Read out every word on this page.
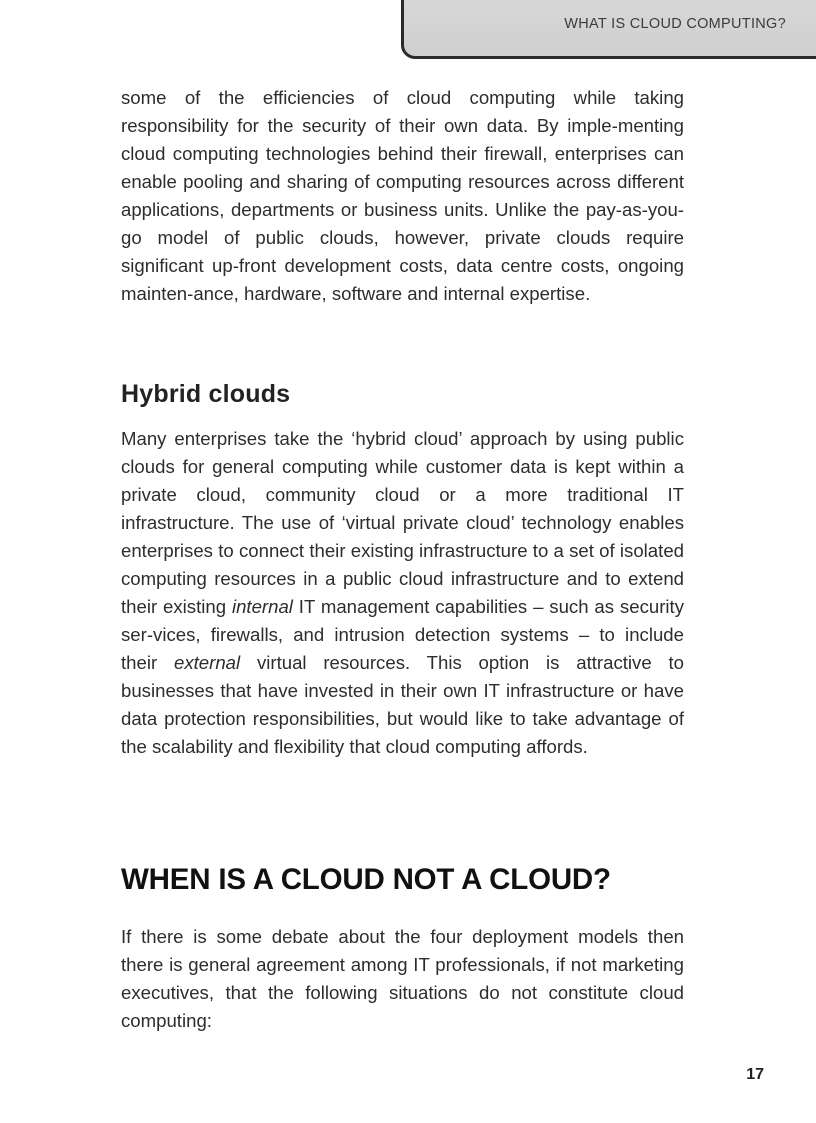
WHAT IS CLOUD COMPUTING?

some of the efficiencies of cloud computing while taking responsibility for the security of their own data. By imple-menting cloud computing technologies behind their firewall, enterprises can enable pooling and sharing of computing resources across different applications, departments or business units. Unlike the pay-as-you-go model of public clouds, however, private clouds require significant up-front development costs, data centre costs, ongoing mainten-ance, hardware, software and internal expertise.

Hybrid clouds

Many enterprises take the ‘hybrid cloud’ approach by using public clouds for general computing while customer data is kept within a private cloud, community cloud or a more traditional IT infrastructure. The use of ‘virtual private cloud’ technology enables enterprises to connect their existing infrastructure to a set of isolated computing resources in a public cloud infrastructure and to extend their existing internal IT management capabilities – such as security ser-vices, firewalls, and intrusion detection systems – to include their external virtual resources. This option is attractive to businesses that have invested in their own IT infrastructure or have data protection responsibilities, but would like to take advantage of the scalability and flexibility that cloud computing affords.

WHEN IS A CLOUD NOT A CLOUD?

If there is some debate about the four deployment models then there is general agreement among IT professionals, if not marketing executives, that the following situations do not constitute cloud computing:

17
